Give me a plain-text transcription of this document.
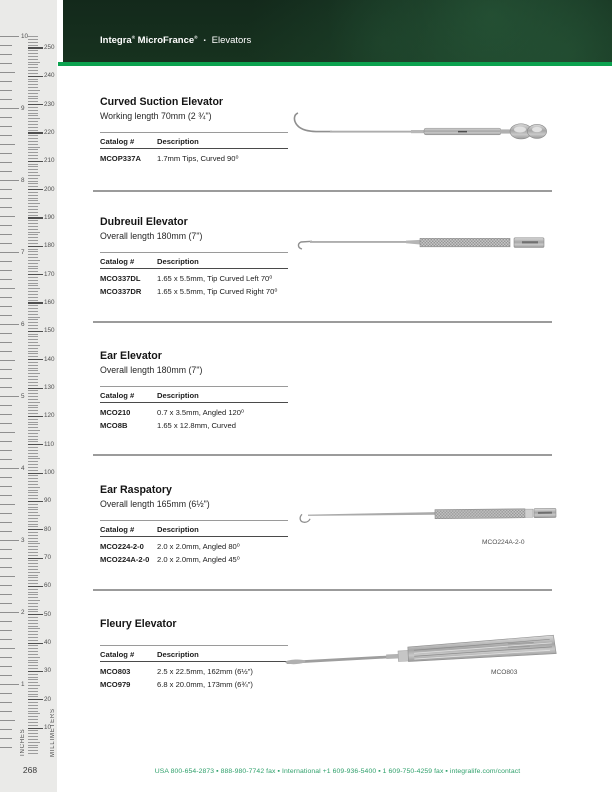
10
20
30
40
50
60
70
80
90
100
110
120
130
140
150
160
170
180
190
200
210
220
230
240
250
1
2
3
4
5
6
7
8
9
10
INCHES	MILLIMETERS
268
Integra® MicroFrance® ▪ Elevators
Curved Suction Elevator
Working length 70mm (2 ¾")
Catalog #	Description
MCOP337A	1.7mm Tips, Curved 90⁰
Dubreuil Elevator
Overall length 180mm (7")
Catalog #	Description
MCO337DL	1.65 x 5.5mm, Tip Curved Left 70⁰
MCO337DR	1.65 x 5.5mm, Tip Curved Right 70⁰
Ear Elevator
Overall length 180mm (7")
Catalog #	Description
MCO210	0.7 x 3.5mm, Angled 120⁰
MCO8B	1.65 x 12.8mm, Curved
Ear Raspatory
Overall length 165mm (6½")
Catalog #	Description
MCO224-2-0	2.0 x 2.0mm, Angled 80⁰
MCO224A-2-0	2.0 x 2.0mm, Angled 45⁰
MCO224A-2-0
Fleury Elevator
Catalog #	Description
MCO803	2.5 x 22.5mm, 162mm (6½")
MCO979	6.8 x 20.0mm, 173mm (6¾")
MCO803
USA 800-654-2873 ▪ 888-980-7742 fax ▪ International +1 609-936-5400 ▪ 1 609-750-4259 fax ▪ integralife.com/contact
